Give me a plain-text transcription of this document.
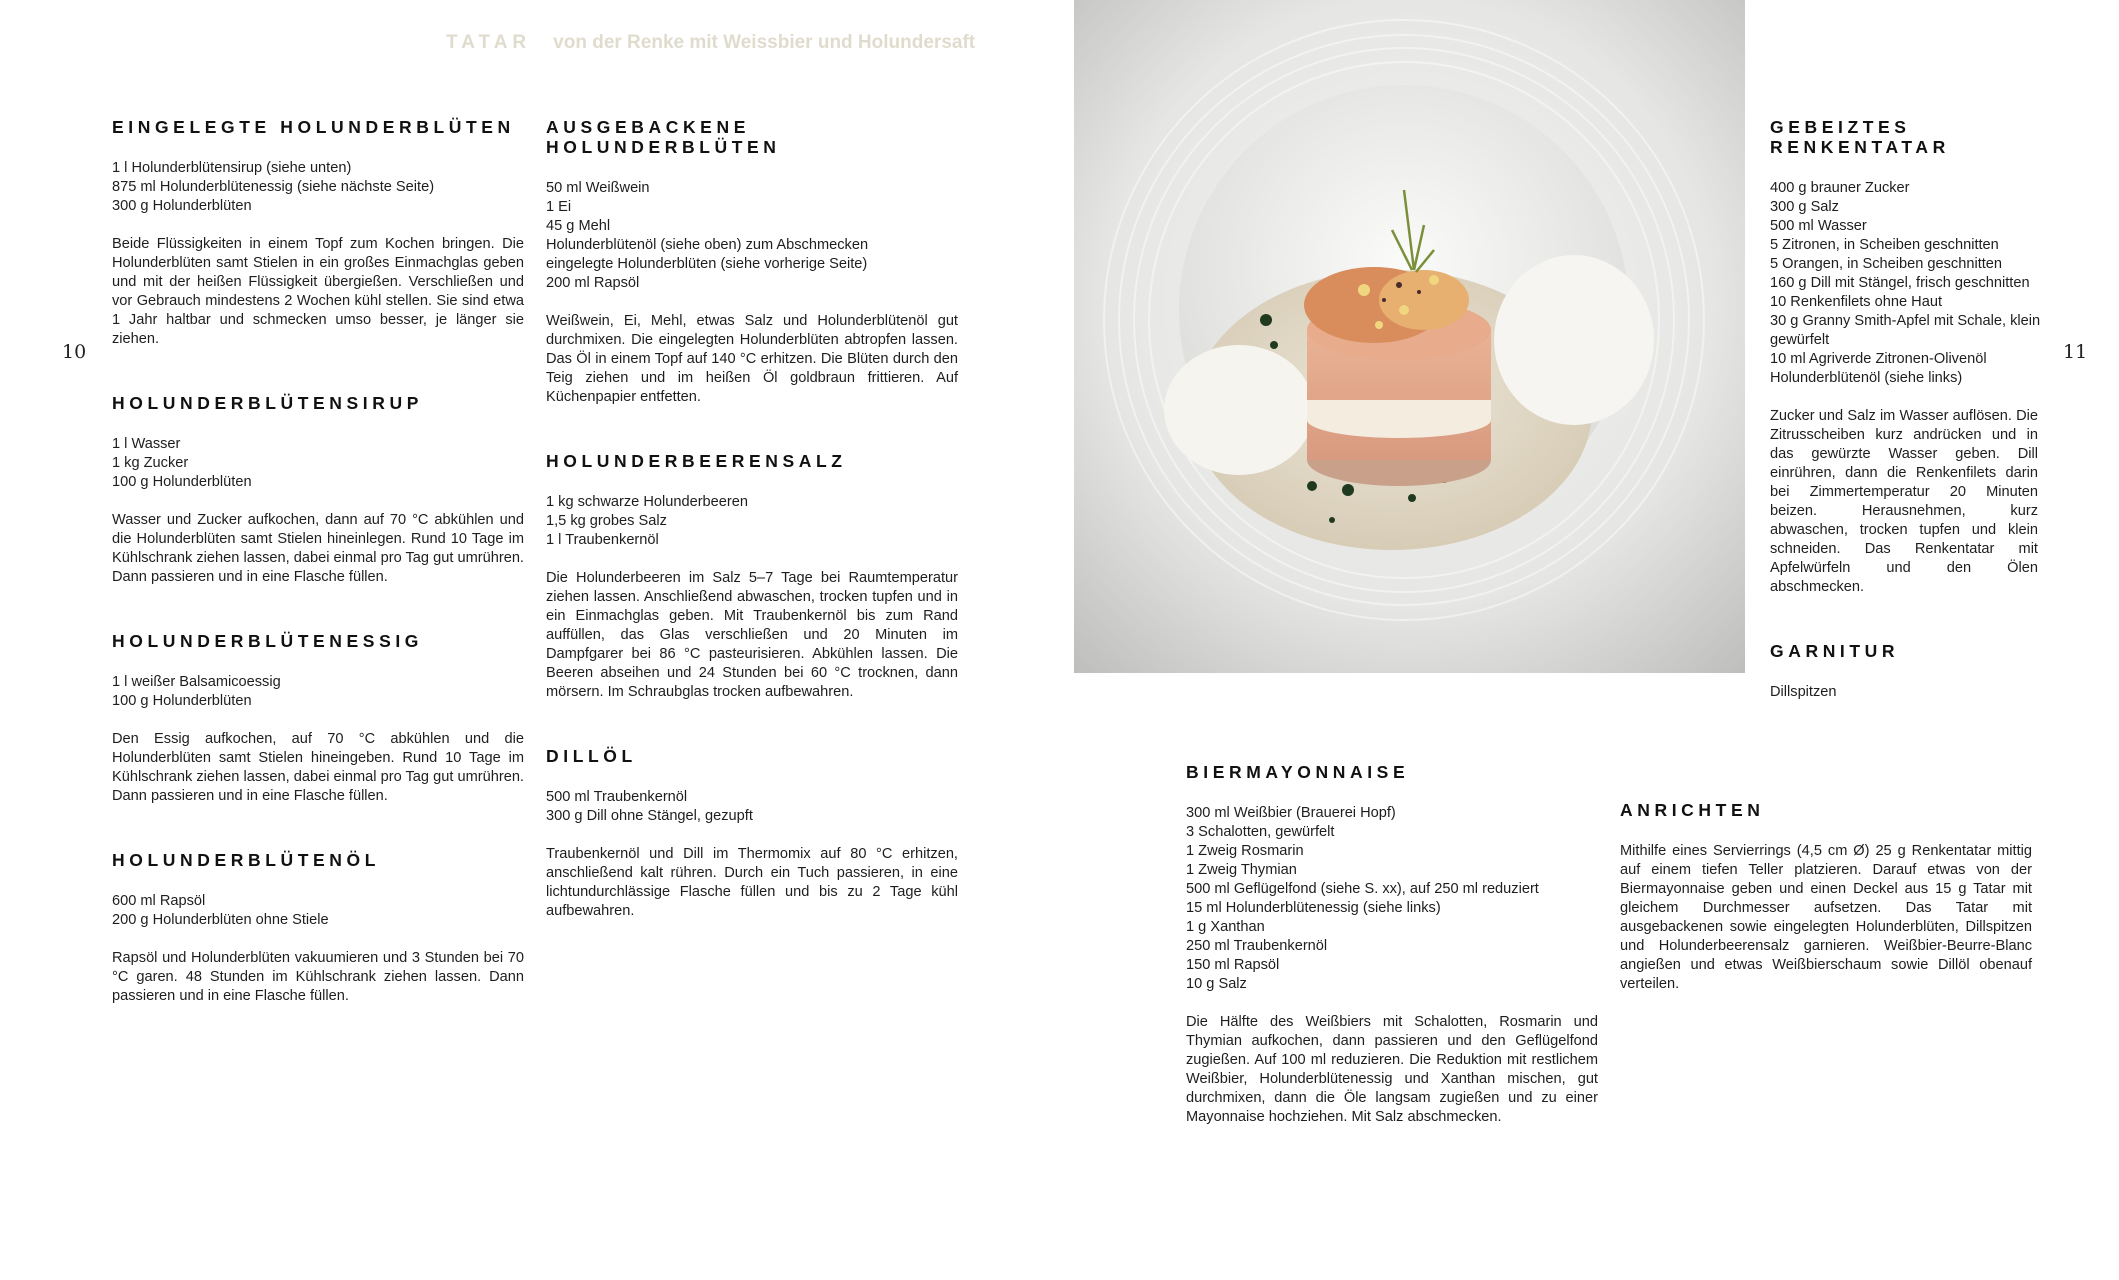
TATAR von der Renke mit Weissbier und Holundersaft
10	11
EINGELEGTE HOLUNDERBLÜTEN
1 l Holunderblütensirup (siehe unten)
875 ml Holunderblütenessig (siehe nächste Seite)
300 g Holunderblüten
Beide Flüssigkeiten in einem Topf zum Kochen bringen. Die Holunderblüten samt Stielen in ein großes Einmachglas geben und mit der heißen Flüssigkeit übergießen. Verschließen und vor Gebrauch mindestens 2 Wochen kühl stellen. Sie sind etwa 1 Jahr haltbar und schmecken umso besser, je länger sie ziehen.
HOLUNDERBLÜTENSIRUP
1 l Wasser
1 kg Zucker
100 g Holunderblüten
Wasser und Zucker aufkochen, dann auf 70 °C abkühlen und die Holunderblüten samt Stielen hineinlegen. Rund 10 Tage im Kühlschrank ziehen lassen, dabei einmal pro Tag gut umrühren. Dann passieren und in eine Flasche füllen.
HOLUNDERBLÜTENESSIG
1 l weißer Balsamicoessig
100 g Holunderblüten
Den Essig aufkochen, auf 70 °C abkühlen und die Holunderblüten samt Stielen hineingeben. Rund 10 Tage im Kühlschrank ziehen lassen, dabei einmal pro Tag gut umrühren. Dann passieren und in eine Flasche füllen.
HOLUNDERBLÜTENÖL
600 ml Rapsöl
200 g Holunderblüten ohne Stiele
Rapsöl und Holunderblüten vakuumieren und 3 Stunden bei 70 °C garen. 48 Stunden im Kühlschrank ziehen lassen. Dann passieren und in eine Flasche füllen.
AUSGEBACKENE HOLUNDERBLÜTEN
50 ml Weißwein
1 Ei
45 g Mehl
Holunderblütenöl (siehe oben) zum Abschmecken
eingelegte Holunderblüten (siehe vorherige Seite)
200 ml Rapsöl
Weißwein, Ei, Mehl, etwas Salz und Holunderblütenöl gut durchmixen. Die eingelegten Holunderblüten abtropfen lassen. Das Öl in einem Topf auf 140 °C erhitzen. Die Blüten durch den Teig ziehen und im heißen Öl goldbraun frittieren. Auf Küchenpapier entfetten.
HOLUNDERBEERENSALZ
1 kg schwarze Holunderbeeren
1,5 kg grobes Salz
1 l Traubenkernöl
Die Holunderbeeren im Salz 5–7 Tage bei Raumtemperatur ziehen lassen. Anschließend abwaschen, trocken tupfen und in ein Einmachglas geben. Mit Traubenkernöl bis zum Rand auffüllen, das Glas verschließen und 20 Minuten im Dampfgarer bei 86 °C pasteurisieren. Abkühlen lassen. Die Beeren abseihen und 24 Stunden bei 60 °C trocknen, dann mörsern. Im Schraubglas trocken aufbewahren.
DILLÖL
500 ml Traubenkernöl
300 g Dill ohne Stängel, gezupft
Traubenkernöl und Dill im Thermomix auf 80 °C erhitzen, anschließend kalt rühren. Durch ein Tuch passieren, in eine lichtundurchlässige Flasche füllen und bis zu 2 Tage kühl aufbewahren.
GEBEIZTES
RENKENTATAR
400 g brauner Zucker
300 g Salz
500 ml Wasser
5 Zitronen, in Scheiben geschnitten
5 Orangen, in Scheiben geschnitten
160 g Dill mit Stängel, frisch geschnitten
10 Renkenfilets ohne Haut
30 g Granny Smith-Apfel mit Schale, klein
gewürfelt
10 ml Agriverde Zitronen-Olivenöl
Holunderblütenöl (siehe links)
Zucker und Salz im Wasser auflösen. Die Zitrusscheiben kurz andrücken und in das gewürzte Wasser geben. Dill einrühren, dann die Renkenfilets darin bei Zimmertemperatur 20 Minuten beizen. Herausnehmen, kurz abwaschen, trocken tupfen und klein schneiden. Das Renkentatar mit Apfelwürfeln und den Ölen abschmecken.
GARNITUR
Dillspitzen
BIERMAYONNAISE
300 ml Weißbier (Brauerei Hopf)
3 Schalotten, gewürfelt
1 Zweig Rosmarin
1 Zweig Thymian
500 ml Geflügelfond (siehe S. xx), auf 250 ml reduziert
15 ml Holunderblütenessig (siehe links)
1 g Xanthan
250 ml Traubenkernöl
150 ml Rapsöl
10 g Salz
Die Hälfte des Weißbiers mit Schalotten, Rosmarin und Thymian aufkochen, dann passieren und den Geflügelfond zugießen. Auf 100 ml reduzieren. Die Reduktion mit restlichem Weißbier, Holunderblütenessig und Xanthan mischen, gut durchmixen, dann die Öle langsam zugießen und zu einer Mayonnaise hochziehen. Mit Salz abschmecken.
ANRICHTEN
Mithilfe eines Servierrings (4,5 cm Ø) 25 g Renkentatar mittig auf einem tiefen Teller platzieren. Darauf etwas von der Biermayonnaise geben und einen Deckel aus 15 g Tatar mit gleichem Durchmesser aufsetzen. Das Tatar mit ausgebackenen sowie eingelegten Holunderblüten, Dillspitzen und Holunderbeerensalz garnieren. Weißbier-Beurre-Blanc angießen und etwas Weißbierschaum sowie Dillöl obenauf verteilen.
